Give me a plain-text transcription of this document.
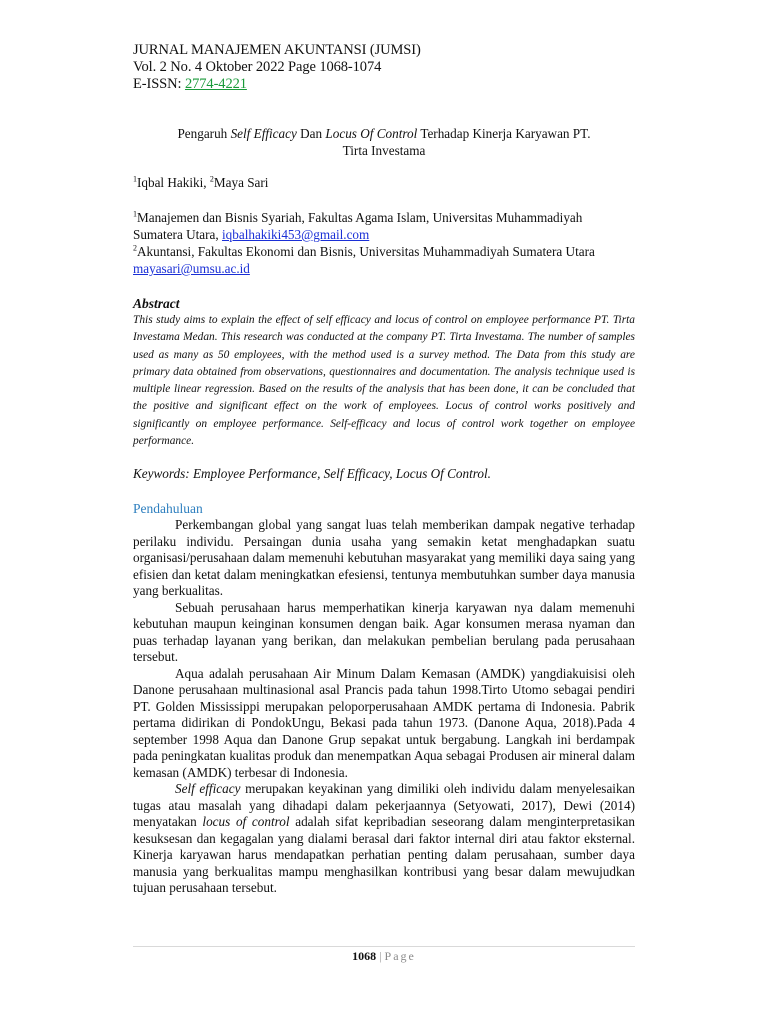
JURNAL MANAJEMEN AKUNTANSI (JUMSI)

Vol. 2 No. 4 Oktober 2022 Page 1068-1074

E-ISSN: 2774-4221

Pengaruh Self Efficacy Dan Locus Of Control Terhadap Kinerja Karyawan PT.
Tirta Investama

$^1$Iqbal Hakiki, $^2$Maya Sari

$^1$Manajemen dan Bisnis Syariah, Fakultas Agama Islam, Universitas Muhammadiyah Sumatera Utara, iqbalhakiki453@gmail.com
$^2$Akuntansi, Fakultas Ekonomi dan Bisnis, Universitas Muhammadiyah Sumatera Utara
mayasari@umsu.ac.id

Abstract

This study aims to explain the effect of self efficacy and locus of control on employee performance PT. Tirta Investama Medan. This research was conducted at the company PT. Tirta Investama. The number of samples used as many as 50 employees, with the method used is a survey method. The Data from this study are primary data obtained from observations, questionnaires and documentation. The analysis technique used is multiple linear regression. Based on the results of the analysis that has been done, it can be concluded that the positive and significant effect on the work of employees. Locus of control works positively and significantly on employee performance. Self-efficacy and locus of control work together on employee performance.

Keywords: Employee Performance, Self Efficacy, Locus Of Control.

Pendahuluan

Perkembangan global yang sangat luas telah memberikan dampak negative terhadap perilaku individu. Persaingan dunia usaha yang semakin ketat menghadapkan suatu organisasi/perusahaan dalam memenuhi kebutuhan masyarakat yang memiliki daya saing yang efisien dan ketat dalam meningkatkan efesiensi, tentunya membutuhkan sumber daya manusia yang berkualitas.

Sebuah perusahaan harus memperhatikan kinerja karyawan nya dalam memenuhi kebutuhan maupun keinginan konsumen dengan baik. Agar konsumen merasa nyaman dan puas terhadap layanan yang berikan, dan melakukan pembelian berulang pada perusahaan tersebut.

Aqua adalah perusahaan Air Minum Dalam Kemasan (AMDK) yangdiakuisisi oleh Danone perusahaan multinasional asal Prancis pada tahun 1998.Tirto Utomo sebagai pendiri PT. Golden Mississippi merupakan peloporperusahaan AMDK pertama di Indonesia. Pabrik pertama didirikan di PondokUngu, Bekasi pada tahun 1973. (Danone Aqua, 2018).Pada 4 september 1998 Aqua dan Danone Grup sepakat untuk bergabung. Langkah ini berdampak pada peningkatan kualitas produk dan menempatkan Aqua sebagai Produsen air mineral dalam kemasan (AMDK) terbesar di Indonesia.

Self efficacy merupakan keyakinan yang dimiliki oleh individu dalam menyelesaikan tugas atau masalah yang dihadapi dalam pekerjaannya (Setyowati, 2017), Dewi (2014) menyatakan locus of control adalah sifat kepribadian seseorang dalam menginterpretasikan kesuksesan dan kegagalan yang dialami berasal dari faktor internal diri atau faktor eksternal. Kinerja karyawan harus mendapatkan perhatian penting dalam perusahaan, sumber daya manusia yang berkualitas mampu menghasilkan kontribusi yang besar dalam mewujudkan tujuan perusahaan tersebut.

1068 | Page
